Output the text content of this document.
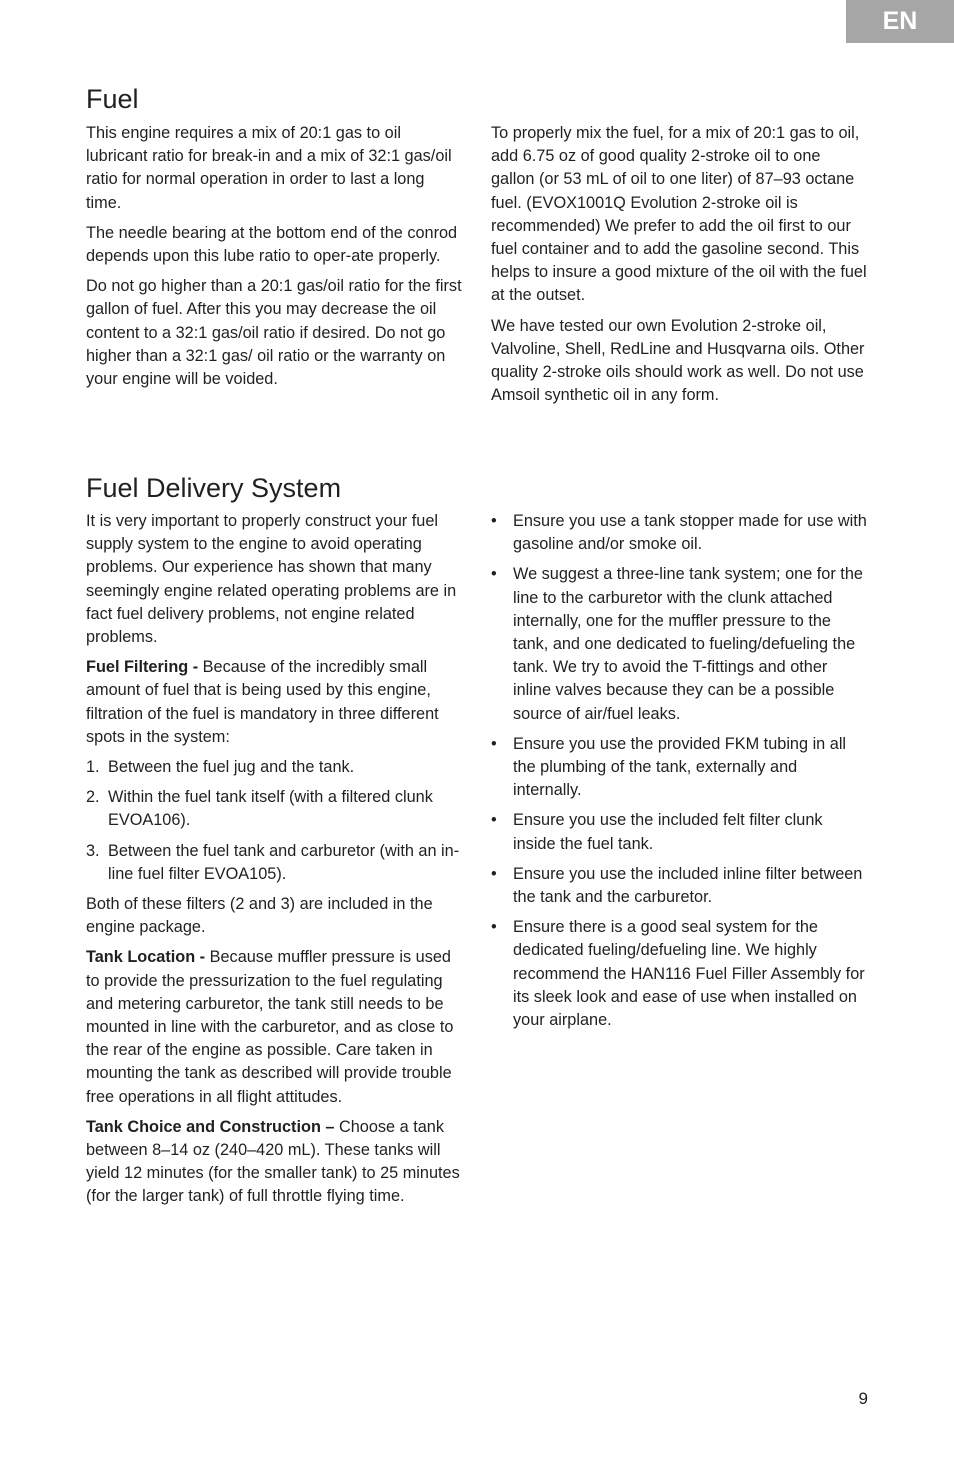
EN
Fuel

This engine requires a mix of 20:1 gas to oil lubricant ratio for break-in and a mix of 32:1 gas/oil ratio for normal operation in order to last a long time.

The needle bearing at the bottom end of the conrod depends upon this lube ratio to oper-ate properly.

Do not go higher than a 20:1 gas/oil ratio for the first gallon of fuel. After this you may decrease the oil content to a 32:1 gas/oil ratio if desired. Do not go higher than a 32:1 gas/ oil ratio or the warranty on your engine will be voided.

To properly mix the fuel, for a mix of 20:1 gas to oil, add 6.75 oz of good quality 2-stroke oil to one gallon (or 53 mL of oil to one liter) of 87–93 octane fuel. (EVOX1001Q Evolution 2-stroke oil is recommended) We prefer to add the oil first to our fuel container and to add the gasoline second. This helps to insure a good mixture of the oil with the fuel at the outset.

We have tested our own Evolution 2-stroke oil, Valvoline, Shell, RedLine and Husqvarna oils. Other quality 2-stroke oils should work as well. Do not use Amsoil synthetic oil in any form.

Fuel Delivery System

It is very important to properly construct your fuel supply system to the engine to avoid operating problems. Our experience has shown that many seemingly engine related operating problems are in fact fuel delivery problems, not engine related problems.

Fuel Filtering - Because of the incredibly small amount of fuel that is being used by this engine, filtration of the fuel is mandatory in three different spots in the system:

1. Between the fuel jug and the tank.
2. Within the fuel tank itself (with a filtered clunk EVOA106).
3. Between the fuel tank and carburetor (with an in-line fuel filter EVOA105).

Both of these filters (2 and 3) are included in the engine package.

Tank Location - Because muffler pressure is used to provide the pressurization to the fuel regulating and metering carburetor, the tank still needs to be mounted in line with the carburetor, and as close to the rear of the engine as possible. Care taken in mounting the tank as described will provide trouble free operations in all flight attitudes.

Tank Choice and Construction – Choose a tank between 8–14 oz (240–420 mL). These tanks will yield 12 minutes (for the smaller tank) to 25 minutes (for the larger tank) of full throttle flying time.

• Ensure you use a tank stopper made for use with gasoline and/or smoke oil.
• We suggest a three-line tank system; one for the line to the carburetor with the clunk attached internally, one for the muffler pressure to the tank, and one dedicated to fueling/defueling the tank. We try to avoid the T-fittings and other inline valves because they can be a possible source of air/fuel leaks.
• Ensure you use the provided FKM tubing in all the plumbing of the tank, externally and internally.
• Ensure you use the included felt filter clunk inside the fuel tank.
• Ensure you use the included inline filter between the tank and the carburetor.
• Ensure there is a good seal system for the dedicated fueling/defueling line. We highly recommend the HAN116 Fuel Filler Assembly for its sleek look and ease of use when installed on your airplane.
9
